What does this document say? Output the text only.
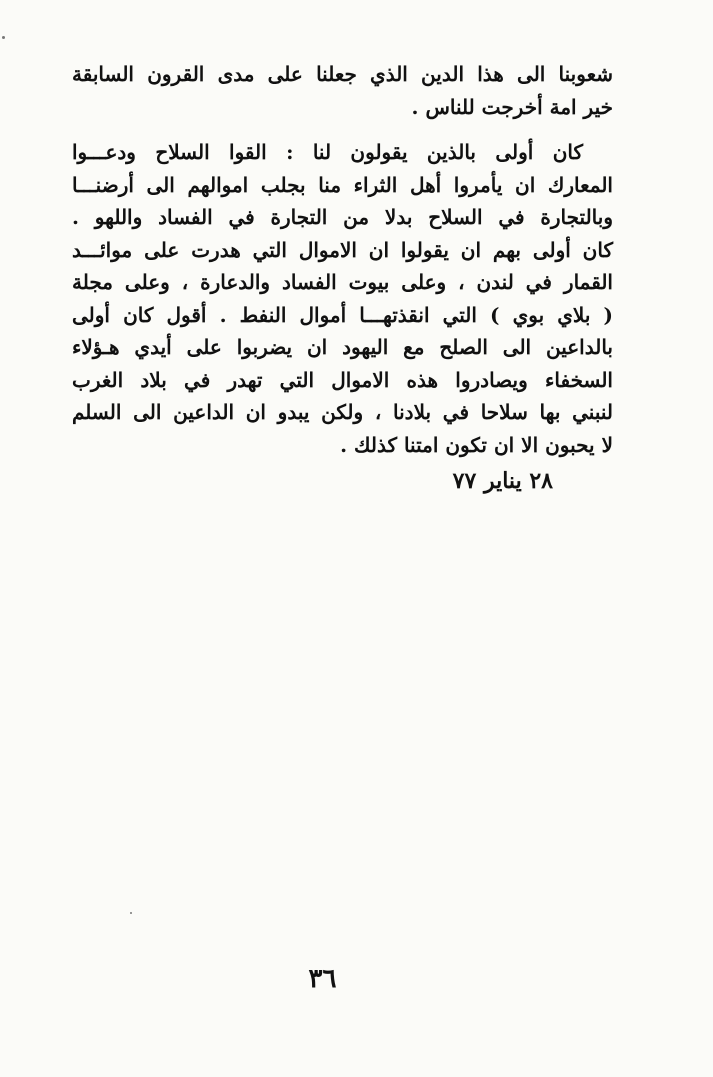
شعوبنا الى هذا الدين الذي جعلنا على مدى القرون السابقة
خير امة أخرجت للناس .
كان أولى بالذين يقولون لنا : القوا السلاح ودعـــوا
المعارك ان يأمروا أهل الثراء منا بجلب اموالهم الى أرضنـــا
وبالتجارة في السلاح بدلا من التجارة في الفساد واللهو .
كان أولى بهم ان يقولوا ان الاموال التي هدرت على موائـــد
القمار في لندن ، وعلى بيوت الفساد والدعارة ، وعلى مجلة
( بلاي بوي ) التي انقذتهـــا أموال النفط . أقول كان أولى
بالداعين الى الصلح مع اليهود ان يضربوا على أيدي هـؤلاء
السخفاء ويصادروا هذه الاموال التي تهدر في بلاد الغرب
لنبني بها سلاحا في بلادنا ، ولكن يبدو ان الداعين الى السلم
لا يحبون الا ان تكون امتنا كذلك .
٢٨ يناير ٧٧
٣٦
